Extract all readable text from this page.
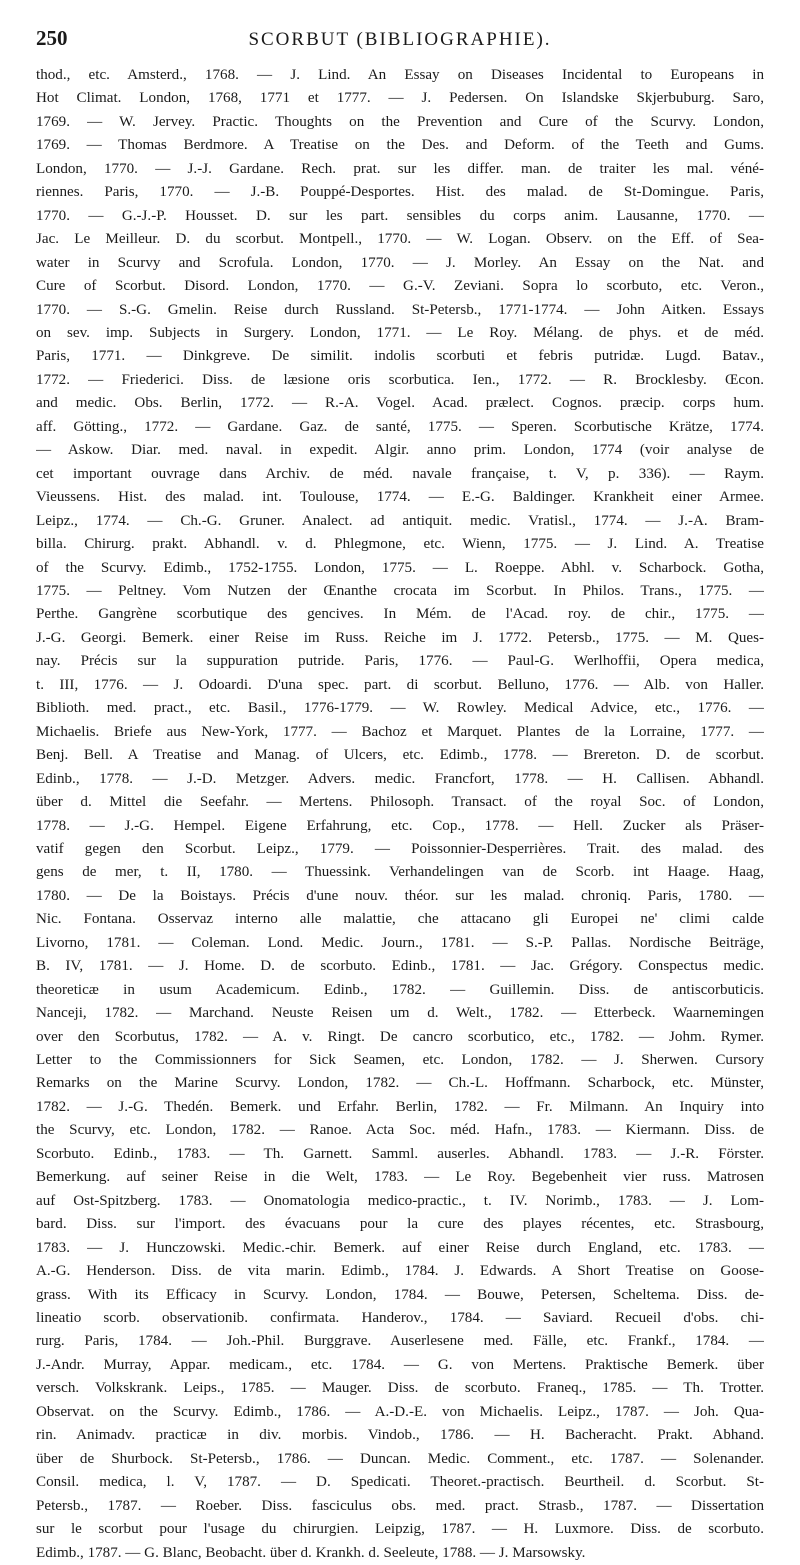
250	SCORBUT (BIBLIOGRAPHIE).
thod., etc. Amsterd., 1768. — J. Lind. An Essay on Diseases Incidental to Europeans in
Hot Climat. London, 1768, 1771 et 1777. — J. Pedersen. On Islandske Skjerbuburg. Saro,
1769. — W. Jervey. Practic. Thoughts on the Prevention and Cure of the Scurvy. London,
1769. — Thomas Berdmore. A Treatise on the Des. and Deform. of the Teeth and Gums.
London, 1770. — J.-J. Gardane. Rech. prat. sur les differ. man. de traiter les mal. véné-
riennes. Paris, 1770. — J.-B. Pouppé-Desportes. Hist. des malad. de St-Domingue. Paris,
1770. — G.-J.-P. Housset. D. sur les part. sensibles du corps anim. Lausanne, 1770. —
Jac. Le Meilleur. D. du scorbut. Montpell., 1770. — W. Logan. Observ. on the Eff. of Sea-
water in Scurvy and Scrofula. London, 1770. — J. Morley. An Essay on the Nat. and
Cure of Scorbut. Disord. London, 1770. — G.-V. Zeviani. Sopra lo scorbuto, etc. Veron.,
1770. — S.-G. Gmelin. Reise durch Russland. St-Petersb., 1771-1774. — John Aitken. Essays
on sev. imp. Subjects in Surgery. London, 1771. — Le Roy. Mélang. de phys. et de méd.
Paris, 1771. — Dinkgreve. De similit. indolis scorbuti et febris putridæ. Lugd. Batav.,
1772. — Friederici. Diss. de læsione oris scorbutica. Ien., 1772. — R. Brocklesby. Œcon.
and medic. Obs. Berlin, 1772. — R.-A. Vogel. Acad. prælect. Cognos. præcip. corps hum.
aff. Götting., 1772. — Gardane. Gaz. de santé, 1775. — Speren. Scorbutische Krätze, 1774.
— Askow. Diar. med. naval. in expedit. Algir. anno prim. London, 1774 (voir analyse de
cet important ouvrage dans Archiv. de méd. navale française, t. V, p. 336). — Raym.
Vieussens. Hist. des malad. int. Toulouse, 1774. — E.-G. Baldinger. Krankheit einer Armee.
Leipz., 1774. — Ch.-G. Gruner. Analect. ad antiquit. medic. Vratisl., 1774. — J.-A. Bram-
billa. Chirurg. prakt. Abhandl. v. d. Phlegmone, etc. Wienn, 1775. — J. Lind. A. Treatise
of the Scurvy. Edimb., 1752-1755. London, 1775. — L. Roeppe. Abhl. v. Scharbock. Gotha,
1775. — Peltney. Vom Nutzen der Œnanthe crocata im Scorbut. In Philos. Trans., 1775. —
Perthe. Gangrène scorbutique des gencives. In Mém. de l'Acad. roy. de chir., 1775. —
J.-G. Georgi. Bemerk. einer Reise im Russ. Reiche im J. 1772. Petersb., 1775. — M. Ques-
nay. Précis sur la suppuration putride. Paris, 1776. — Paul-G. Werlhoffii, Opera medica,
t. III, 1776. — J. Odoardi. D'una spec. part. di scorbut. Belluno, 1776. — Alb. von Haller.
Biblioth. med. pract., etc. Basil., 1776-1779. — W. Rowley. Medical Advice, etc., 1776. —
Michaelis. Briefe aus New-York, 1777. — Bachoz et Marquet. Plantes de la Lorraine, 1777. —
Benj. Bell. A Treatise and Manag. of Ulcers, etc. Edimb., 1778. — Brereton. D. de scorbut.
Edinb., 1778. — J.-D. Metzger. Advers. medic. Francfort, 1778. — H. Callisen. Abhandl.
über d. Mittel die Seefahr. — Mertens. Philosoph. Transact. of the royal Soc. of London,
1778. — J.-G. Hempel. Eigene Erfahrung, etc. Cop., 1778. — Hell. Zucker als Präser-
vatif gegen den Scorbut. Leipz., 1779. — Poissonnier-Desperrières. Trait. des malad. des
gens de mer, t. II, 1780. — Thuessink. Verhandelingen van de Scorb. int Haage. Haag,
1780. — De la Boistays. Précis d'une nouv. théor. sur les malad. chroniq. Paris, 1780. —
Nic. Fontana. Osservaz interno alle malattie, che attacano gli Europei ne' climi calde
Livorno, 1781. — Coleman. Lond. Medic. Journ., 1781. — S.-P. Pallas. Nordische Beiträge,
B. IV, 1781. — J. Home. D. de scorbuto. Edinb., 1781. — Jac. Grégory. Conspectus medic.
theoreticæ in usum Academicum. Edinb., 1782. — Guillemin. Diss. de antiscorbuticis.
Nanceji, 1782. — Marchand. Neuste Reisen um d. Welt., 1782. — Etterbeck. Waarnemingen
over den Scorbutus, 1782. — A. v. Ringt. De cancro scorbutico, etc., 1782. — Johm. Rymer.
Letter to the Commissionners for Sick Seamen, etc. London, 1782. — J. Sherwen. Cursory
Remarks on the Marine Scurvy. London, 1782. — Ch.-L. Hoffmann. Scharbock, etc. Münster,
1782. — J.-G. Thedén. Bemerk. und Erfahr. Berlin, 1782. — Fr. Milmann. An Inquiry into
the Scurvy, etc. London, 1782. — Ranoe. Acta Soc. méd. Hafn., 1783. — Kiermann. Diss. de
Scorbuto. Edinb., 1783. — Th. Garnett. Samml. auserles. Abhandl. 1783. — J.-R. Förster.
Bemerkung. auf seiner Reise in die Welt, 1783. — Le Roy. Begebenheit vier russ. Matrosen
auf Ost-Spitzberg. 1783. — Onomatologia medico-practic., t. IV. Norimb., 1783. — J. Lom-
bard. Diss. sur l'import. des évacuans pour la cure des playes récentes, etc. Strasbourg,
1783. — J. Hunczowski. Medic.-chir. Bemerk. auf einer Reise durch England, etc. 1783. —
A.-G. Henderson. Diss. de vita marin. Edimb., 1784. J. Edwards. A Short Treatise on Goose-
grass. With its Efficacy in Scurvy. London, 1784. — Bouwe, Petersen, Scheltema. Diss. de-
lineatio scorb. observationib. confirmata. Handerov., 1784. — Saviard. Recueil d'obs. chi-
rurg. Paris, 1784. — Joh.-Phil. Burggrave. Auserlesene med. Fälle, etc. Frankf., 1784. —
J.-Andr. Murray, Appar. medicam., etc. 1784. — G. von Mertens. Praktische Bemerk. über
versch. Volkskrank. Leips., 1785. — Mauger. Diss. de scorbuto. Franeq., 1785. — Th. Trotter.
Observat. on the Scurvy. Edimb., 1786. — A.-D.-E. von Michaelis. Leipz., 1787. — Joh. Qua-
rin. Animadv. practicæ in div. morbis. Vindob., 1786. — H. Bacheracht. Prakt. Abhand.
über de Shurbock. St-Petersb., 1786. — Duncan. Medic. Comment., etc. 1787. — Solenander.
Consil. medica, l. V, 1787. — D. Spedicati. Theoret.-practisch. Beurtheil. d. Scorbut. St-
Petersb., 1787. — Roeber. Diss. fasciculus obs. med. pract. Strasb., 1787. — Dissertation
sur le scorbut pour l'usage du chirurgien. Leipzig, 1787. — H. Luxmore. Diss. de scorbuto.
Edimb., 1787. — G. Blanc, Beobacht. über d. Krankh. d. Seeleute, 1788. — J. Marsowsky.
